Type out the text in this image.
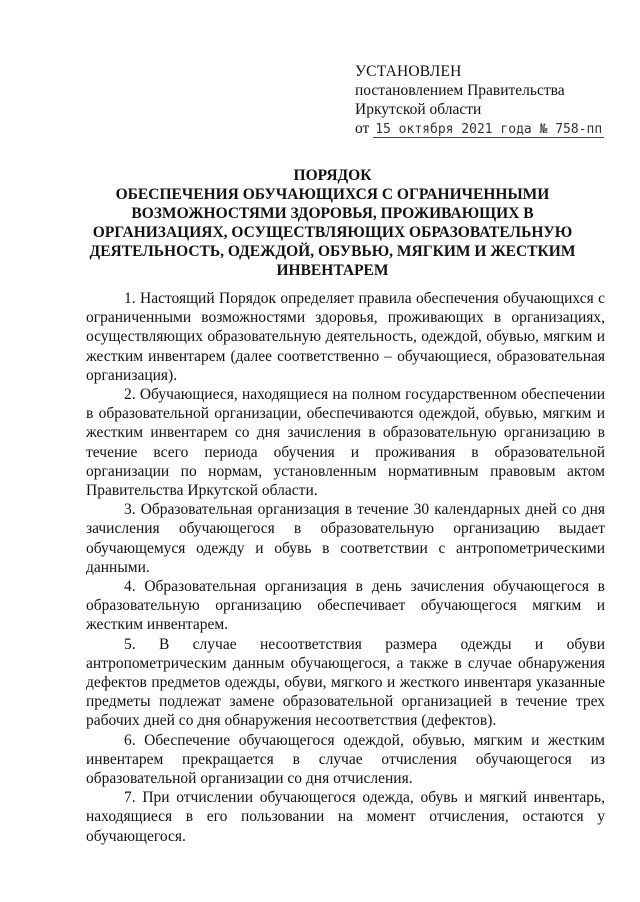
УСТАНОВЛЕН
постановлением Правительства
Иркутской области
от 15 октября 2021 года № 758-пп
ПОРЯДОК
ОБЕСПЕЧЕНИЯ ОБУЧАЮЩИХСЯ С ОГРАНИЧЕННЫМИ
ВОЗМОЖНОСТЯМИ ЗДОРОВЬЯ, ПРОЖИВАЮЩИХ В
ОРГАНИЗАЦИЯХ, ОСУЩЕСТВЛЯЮЩИХ ОБРАЗОВАТЕЛЬНУЮ
ДЕЯТЕЛЬНОСТЬ, ОДЕЖДОЙ, ОБУВЬЮ, МЯГКИМ И ЖЕСТКИМ
ИНВЕНТАРЕМ

1. Настоящий Порядок определяет правила обеспечения обучающихся с ограниченными возможностями здоровья, проживающих в организациях, осуществляющих образовательную деятельность, одеждой, обувью, мягким и жестким инвентарем (далее соответственно – обучающиеся, образовательная организация).

2. Обучающиеся, находящиеся на полном государственном обеспечении в образовательной организации, обеспечиваются одеждой, обувью, мягким и жестким инвентарем со дня зачисления в образовательную организацию в течение всего периода обучения и проживания в образовательной организации по нормам, установленным нормативным правовым актом Правительства Иркутской области.

3. Образовательная организация в течение 30 календарных дней со дня зачисления обучающегося в образовательную организацию выдает обучающемуся одежду и обувь в соответствии с антропометрическими данными.

4. Образовательная организация в день зачисления обучающегося в образовательную организацию обеспечивает обучающегося мягким и жестким инвентарем.

5. В случае несоответствия размера одежды и обуви антропометрическим данным обучающегося, а также в случае обнаружения дефектов предметов одежды, обуви, мягкого и жесткого инвентаря указанные предметы подлежат замене образовательной организацией в течение трех рабочих дней со дня обнаружения несоответствия (дефектов).

6. Обеспечение обучающегося одеждой, обувью, мягким и жестким инвентарем прекращается в случае отчисления обучающегося из образовательной организации со дня отчисления.

7. При отчислении обучающегося одежда, обувь и мягкий инвентарь, находящиеся в его пользовании на момент отчисления, остаются у обучающегося.
